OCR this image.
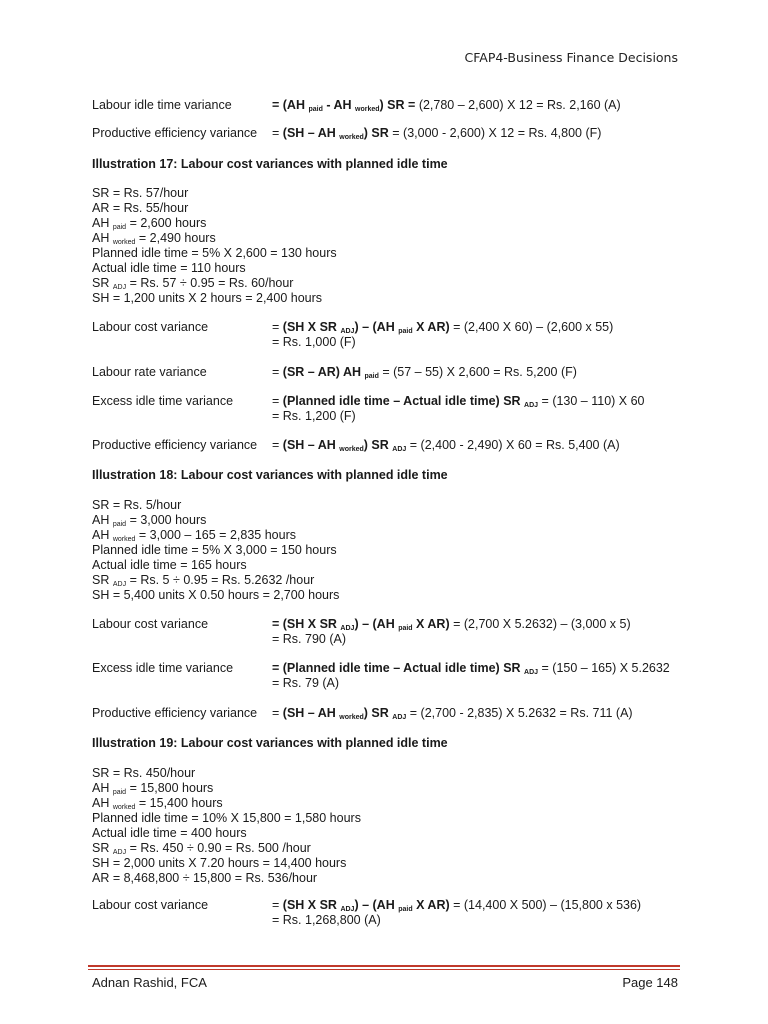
CFAP4-Business Finance Decisions
Labour idle time variance	= (AH $_{paid}$ - AH $_{worked}$) SR = (2,780 – 2,600) X 12 = Rs. 2,160 (A)
Productive efficiency variance = (SH – AH $_{worked}$) SR = (3,000 - 2,600) X 12 = Rs. 4,800 (F)
Illustration 17: Labour cost variances with planned idle time
SR = Rs. 57/hour
AR = Rs. 55/hour
AH $_{paid}$ = 2,600 hours
AH $_{worked}$ = 2,490 hours
Planned idle time = 5% X 2,600 = 130 hours
Actual idle time = 110 hours
SR $_{ADJ}$ = Rs. 57 ÷ 0.95 = Rs. 60/hour
SH = 1,200 units X 2 hours = 2,400 hours
Labour cost variance	= (SH X SR $_{ADJ}$) – (AH $_{paid}$ X AR) = (2,400 X 60) – (2,600 x 55)
= Rs. 1,000 (F)
Labour rate variance	= (SR – AR) AH $_{paid}$ = (57 – 55) X 2,600 = Rs. 5,200 (F)
Excess idle time variance	= (Planned idle time – Actual idle time) SR $_{ADJ}$ = (130 – 110) X 60
= Rs. 1,200 (F)
Productive efficiency variance = (SH – AH $_{worked}$) SR $_{ADJ}$ = (2,400 - 2,490) X 60 = Rs. 5,400 (A)
Illustration 18: Labour cost variances with planned idle time
SR = Rs. 5/hour
AH $_{paid}$ = 3,000 hours
AH $_{worked}$ = 3,000 – 165 = 2,835 hours
Planned idle time = 5% X 3,000 = 150 hours
Actual idle time = 165 hours
SR $_{ADJ}$ = Rs. 5 ÷ 0.95 = Rs. 5.2632 /hour
SH = 5,400 units X 0.50 hours = 2,700 hours
Labour cost variance	= (SH X SR $_{ADJ}$) – (AH $_{paid}$ X AR) = (2,700 X 5.2632) – (3,000 x 5)
= Rs. 790 (A)
Excess idle time variance	= (Planned idle time – Actual idle time) SR $_{ADJ}$ = (150 – 165) X 5.2632
= Rs. 79 (A)
Productive efficiency variance = (SH – AH $_{worked}$) SR $_{ADJ}$ = (2,700 - 2,835) X 5.2632 = Rs. 711 (A)
Illustration 19: Labour cost variances with planned idle time
SR = Rs. 450/hour
AH $_{paid}$ = 15,800 hours
AH $_{worked}$ = 15,400 hours
Planned idle time = 10% X 15,800 = 1,580 hours
Actual idle time = 400 hours
SR $_{ADJ}$ = Rs. 450 ÷ 0.90 = Rs. 500 /hour
SH = 2,000 units X 7.20 hours = 14,400 hours
AR = 8,468,800 ÷ 15,800 = Rs. 536/hour
Labour cost variance	= (SH X SR $_{ADJ}$) – (AH $_{paid}$ X AR) = (14,400 X 500) – (15,800 x 536)
= Rs. 1,268,800 (A)
Adnan Rashid, FCA	Page 148
